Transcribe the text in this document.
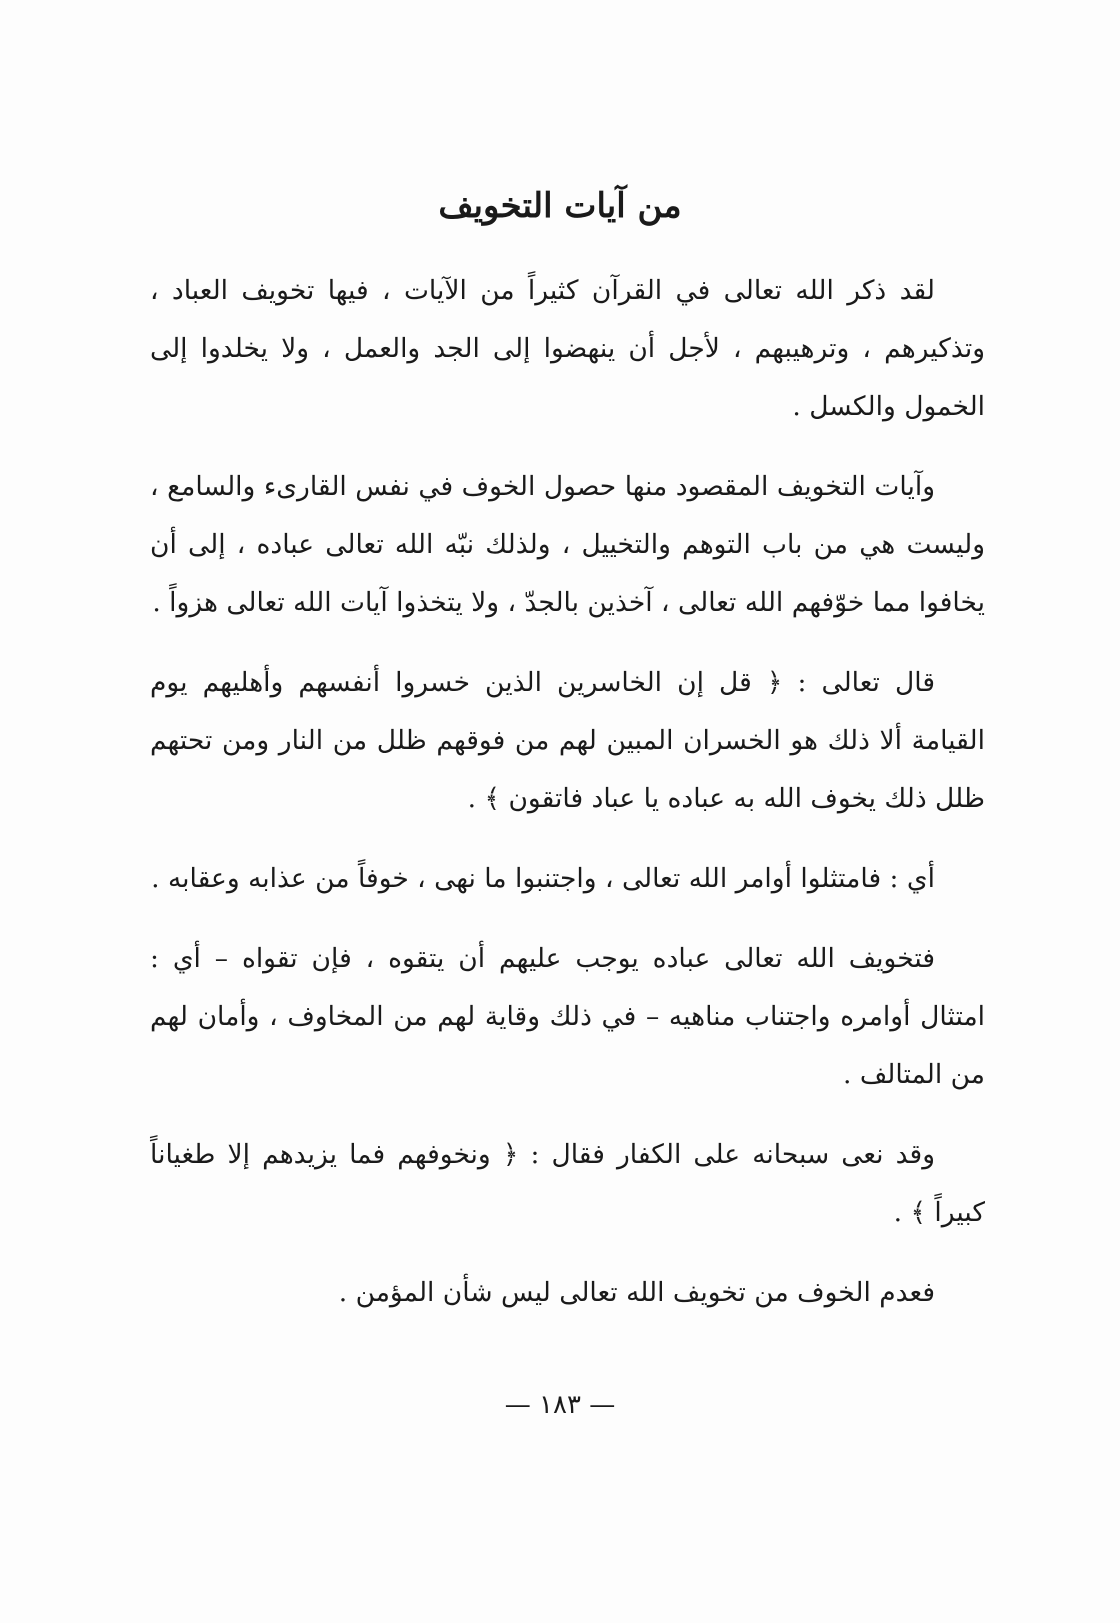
من آيات التخويف

لقد ذكر الله تعالى في القرآن كثيراً من الآيات ، فيها تخويف العباد ، وتذكيرهم ، وترهيبهم ، لأجل أن ينهضوا إلى الجد والعمل ، ولا يخلدوا إلى الخمول والكسل .

وآيات التخويف المقصود منها حصول الخوف في نفس القارىء والسامع ، وليست هي من باب التوهم والتخييل ، ولذلك نبّه الله تعالى عباده ، إلى أن يخافوا مما خوّفهم الله تعالى ، آخذين بالجدّ ، ولا يتخذوا آيات الله تعالى هزواً .

قال تعالى : ﴿ قل إن الخاسرين الذين خسروا أنفسهم وأهليهم يوم القيامة ألا ذلك هو الخسران المبين لهم من فوقهم ظلل من النار ومن تحتهم ظلل ذلك يخوف الله به عباده يا عباد فاتقون ﴾ .

أي : فامتثلوا أوامر الله تعالى ، واجتنبوا ما نهى ، خوفاً من عذابه وعقابه .

فتخويف الله تعالى عباده يوجب عليهم أن يتقوه ، فإن تقواه – أي : امتثال أوامره واجتناب مناهيه – في ذلك وقاية لهم من المخاوف ، وأمان لهم من المتالف .

وقد نعى سبحانه على الكفار فقال : ﴿ ونخوفهم فما يزيدهم إلا طغياناً كبيراً ﴾ .

فعدم الخوف من تخويف الله تعالى ليس شأن المؤمن .

— ١٨٣ —
